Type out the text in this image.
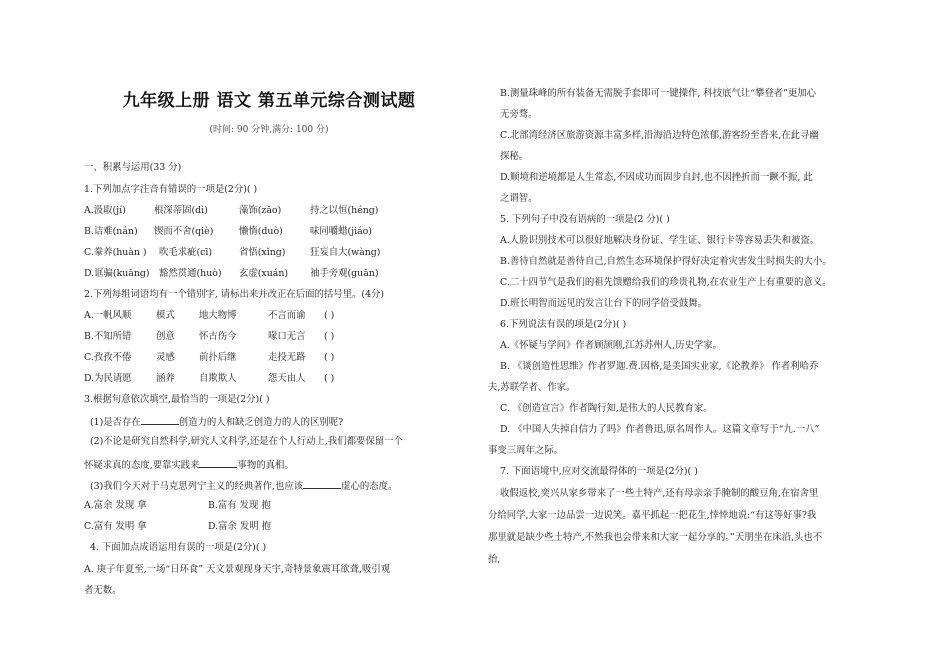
九年级上册 语文 第五单元综合测试题
(时间: 90 分钟,满分: 100 分)
一、积累与运用(33 分)
1.下列加点字注音有错误的一项是(2分)( )
A.汲取(jí)	根深蒂固(dì)	藻饰(zǎo)	持之以恒(héng)
B.诘难(nán) 锲而不舍(qiè)	懒惰(duò)	味同嚼蜡(jiáo)
C.豢养(huàn ) 吹毛求疵(cī)	省悟(xǐng)	狂妄自大(wàng)
D.诓骗(kuāng) 豁然贯通(huò) 玄虚(xuán) 袖手旁观(guān)
2.下列每组词语均有一个错别字, 请标出来并改正在后面的括号里。(4分)
A.一帆风顺	模式	地大物博	不言而谕 ( )
B.不知所错	创意	怀古伤今	喙口无言 ( )
C.孜孜不倦	灵感	前扑后继	走投无路 ( )
D.为民请愿	涵养	自欺欺人	怨天由人 ( )
3.根据句意依次填空,最恰当的一项是(2分)( )
(1)是否存在	创造力的人和缺乏创造力的人的区别呢?
(2)不论是研究自然科学,研究人文科学,还是在个人行动上,我们都要保留一个
怀疑求真的态度,要靠实践来	事物的真相。
(3)我们今天对于马克思列宁主义的经典著作,也应该	虚心的态度。
A.富余 发现 拿	B.富有 发现 抱
C.富有 发明 拿	D.富余 发明 抱
4. 下面加点成语运用有误的一项是(2分)( )
A. 庚子年夏至,一场“日环食” 天文景观现身天宇,奇特景象震耳欲聋,吸引观
者无数。
B.测量珠峰的所有装备无需脱手套即可一键操作, 科技底气让“攀登者”更加心
无旁骛。
C.北部湾经济区旅游资源丰富多样,沿海沿边特色浓郁,游客纷至沓来,在此寻幽
探秘。
D.顺境和逆境都是人生常态,不因成功而固步自封,也不因挫折而一蹶不振, 此
之谓智。
5. 下列句子中没有语病的一项是(2 分)( )
A.人脸识别技术可以很好地解决身份证、学生证、银行卡等容易丢失和被盗。
B.善待自然就是善待自己,自然生态环境保护得好决定着灾害发生时损失的大小。
C.二十四节气是我们的祖先馈赠给我们的珍贵礼物,在农业生产上有重要的意义。
D.班长明智而远见的发言让台下的同学倍受鼓舞。
6.下列说法有误的项是(2分)( )
A.《怀疑与学问》作者顾颉刚,江苏苏州人,历史学家。
B. 《谈创造性思维》作者罗迦.费.因格,是美国实业家,《论教养》 作者利哈乔
夫,苏联学者、作家。
C. 《创造宣言》作者陶行知,是伟大的人民教育家。
D. 《中国人失掉自信力了吗》作者鲁迅,原名周作人。这篇文章写于“九.一八”
事变三周年之际。
7. 下面语境中,应对交流最得体的一项是(2分)( )
收假返校,奕兴从家乡带来了一些土特产,还有母亲亲手腌制的酸豆角,在宿舍里
分给同学,大家一边品尝一边说笑。嘉平抓起一把花生,悻悻地说:“有这等好事?我
那里就是缺少些土特产,不然我也会带来和大家一起分享的。”天朋坐在床沿,头也不
抬,
